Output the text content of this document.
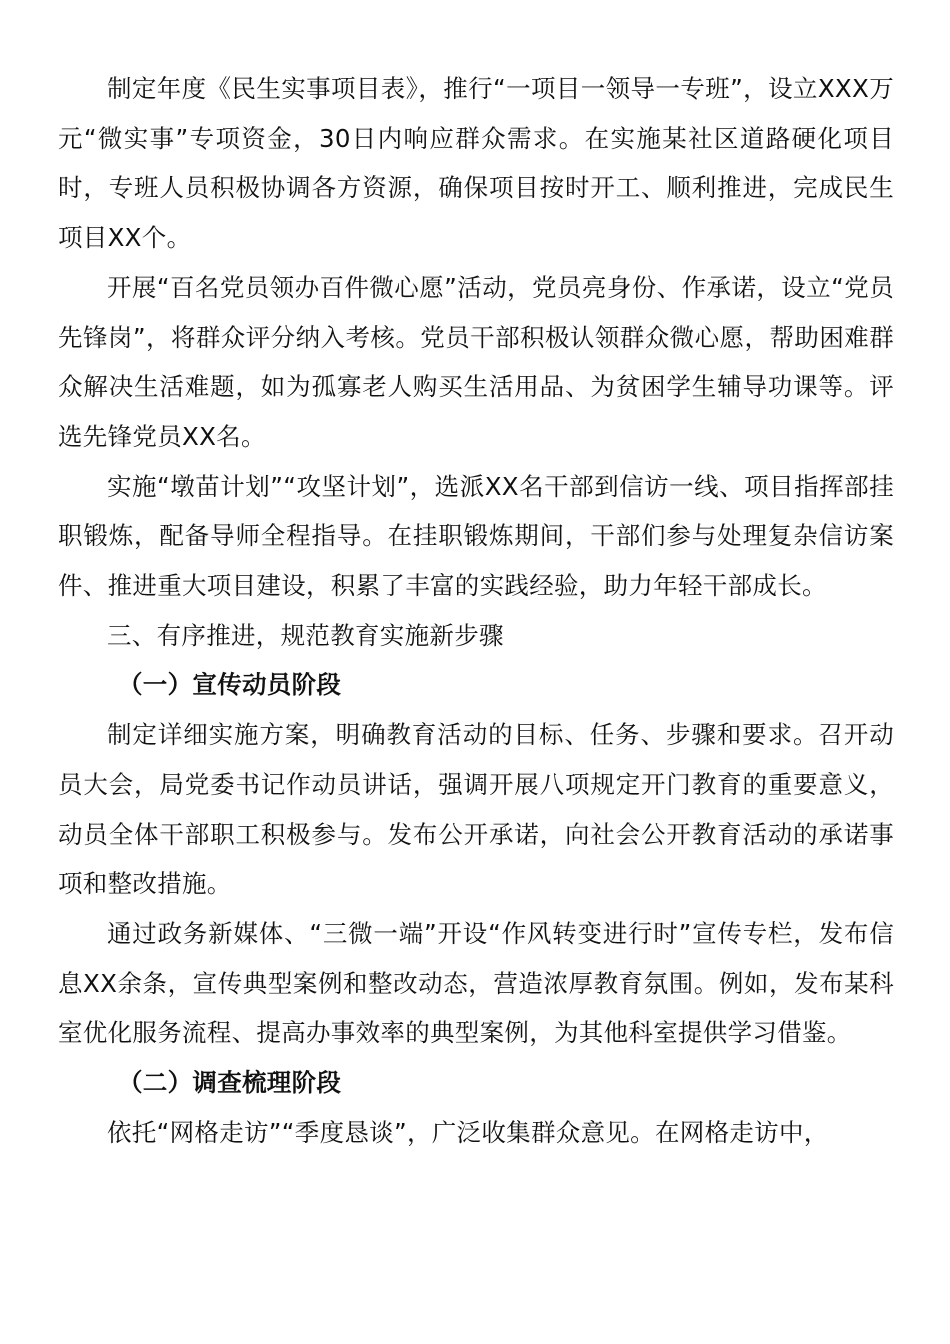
制定年度《民生实事项目表》，推行“一项目一领导一专班”，设立XXX万元“微实事”专项资金，30日内响应群众需求。在实施某社区道路硬化项目时，专班人员积极协调各方资源，确保项目按时开工、顺利推进，完成民生项目XX个。

开展“百名党员领办百件微心愿”活动，党员亮身份、作承诺，设立“党员先锋岗”，将群众评分纳入考核。党员干部积极认领群众微心愿，帮助困难群众解决生活难题，如为孤寡老人购买生活用品、为贫困学生辅导功课等。评选先锋党员XX名。

实施“墩苗计划”“攻坚计划”，选派XX名干部到信访一线、项目指挥部挂职锻炼，配备导师全程指导。在挂职锻炼期间，干部们参与处理复杂信访案件、推进重大项目建设，积累了丰富的实践经验，助力年轻干部成长。

三、有序推进，规范教育实施新步骤

（一）宣传动员阶段

制定详细实施方案，明确教育活动的目标、任务、步骤和要求。召开动员大会，局党委书记作动员讲话，强调开展八项规定开门教育的重要意义，动员全体干部职工积极参与。发布公开承诺，向社会公开教育活动的承诺事项和整改措施。

通过政务新媒体、“三微一端”开设“作风转变进行时”宣传专栏，发布信息XX余条，宣传典型案例和整改动态，营造浓厚教育氛围。例如，发布某科室优化服务流程、提高办事效率的典型案例，为其他科室提供学习借鉴。

（二）调查梳理阶段

依托“网格走访”“季度恳谈”，广泛收集群众意见。在网格走访中，
